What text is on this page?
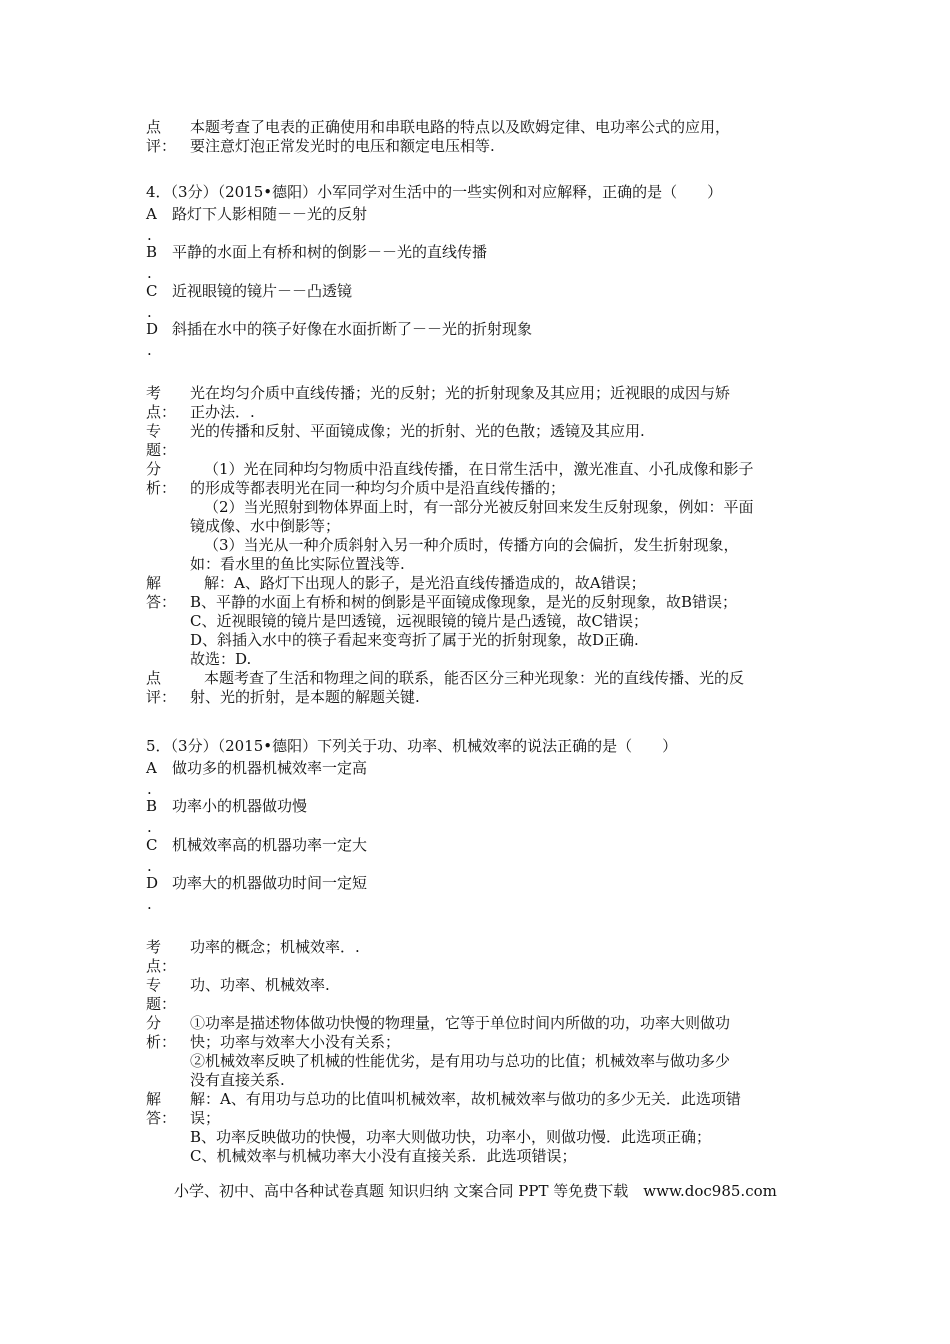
点
评：
本题考查了电表的正确使用和串联电路的特点以及欧姆定律、电功率公式的应用，
要注意灯泡正常发光时的电压和额定电压相等.
4．（3分）（2015•德阳）小军同学对生活中的一些实例和对应解释，正确的是（　　）
A 路灯下人影相随－－光的反射
.
B 平静的水面上有桥和树的倒影－－光的直线传播
.
C 近视眼镜的镜片－－凸透镜
.
D 斜插在水中的筷子好像在水面折断了－－光的折射现象
.
考
点：
光在均匀介质中直线传播；光的反射；光的折射现象及其应用；近视眼的成因与矫
正办法．.
专
题：
光的传播和反射、平面镜成像；光的折射、光的色散；透镜及其应用.
分
析：
（1）光在同种均匀物质中沿直线传播，在日常生活中，激光准直、小孔成像和影子
的形成等都表明光在同一种均匀介质中是沿直线传播的；
（2）当光照射到物体界面上时，有一部分光被反射回来发生反射现象，例如：平面
镜成像、水中倒影等；
（3）当光从一种介质斜射入另一种介质时，传播方向的会偏折，发生折射现象，
如：看水里的鱼比实际位置浅等.
解
答：
解：A、路灯下出现人的影子，是光沿直线传播造成的，故A错误；
B、平静的水面上有桥和树的倒影是平面镜成像现象，是光的反射现象，故B错误；
C、近视眼镜的镜片是凹透镜，远视眼镜的镜片是凸透镜，故C错误；
D、斜插入水中的筷子看起来变弯折了属于光的折射现象，故D正确.
故选：D.
点
评：
本题考查了生活和物理之间的联系，能否区分三种光现象：光的直线传播、光的反
射、光的折射，是本题的解题关键.
5．（3分）（2015•德阳）下列关于功、功率、机械效率的说法正确的是（　　）
A 做功多的机器机械效率一定高
.
B 功率小的机器做功慢
.
C 机械效率高的机器功率一定大
.
D 功率大的机器做功时间一定短
.
考
点：
功率的概念；机械效率．.
专
题：
功、功率、机械效率.
分
析：
①功率是描述物体做功快慢的物理量，它等于单位时间内所做的功，功率大则做功
快；功率与效率大小没有关系；
②机械效率反映了机械的性能优劣，是有用功与总功的比值；机械效率与做功多少
没有直接关系.
解
答：
解：A、有用功与总功的比值叫机械效率，故机械效率与做功的多少无关．此选项错
误；
B、功率反映做功的快慢，功率大则做功快，功率小，则做功慢．此选项正确；
C、机械效率与机械功率大小没有直接关系．此选项错误；
小学、初中、高中各种试卷真题 知识归纳 文案合同 PPT 等免费下载　www.doc985.com
